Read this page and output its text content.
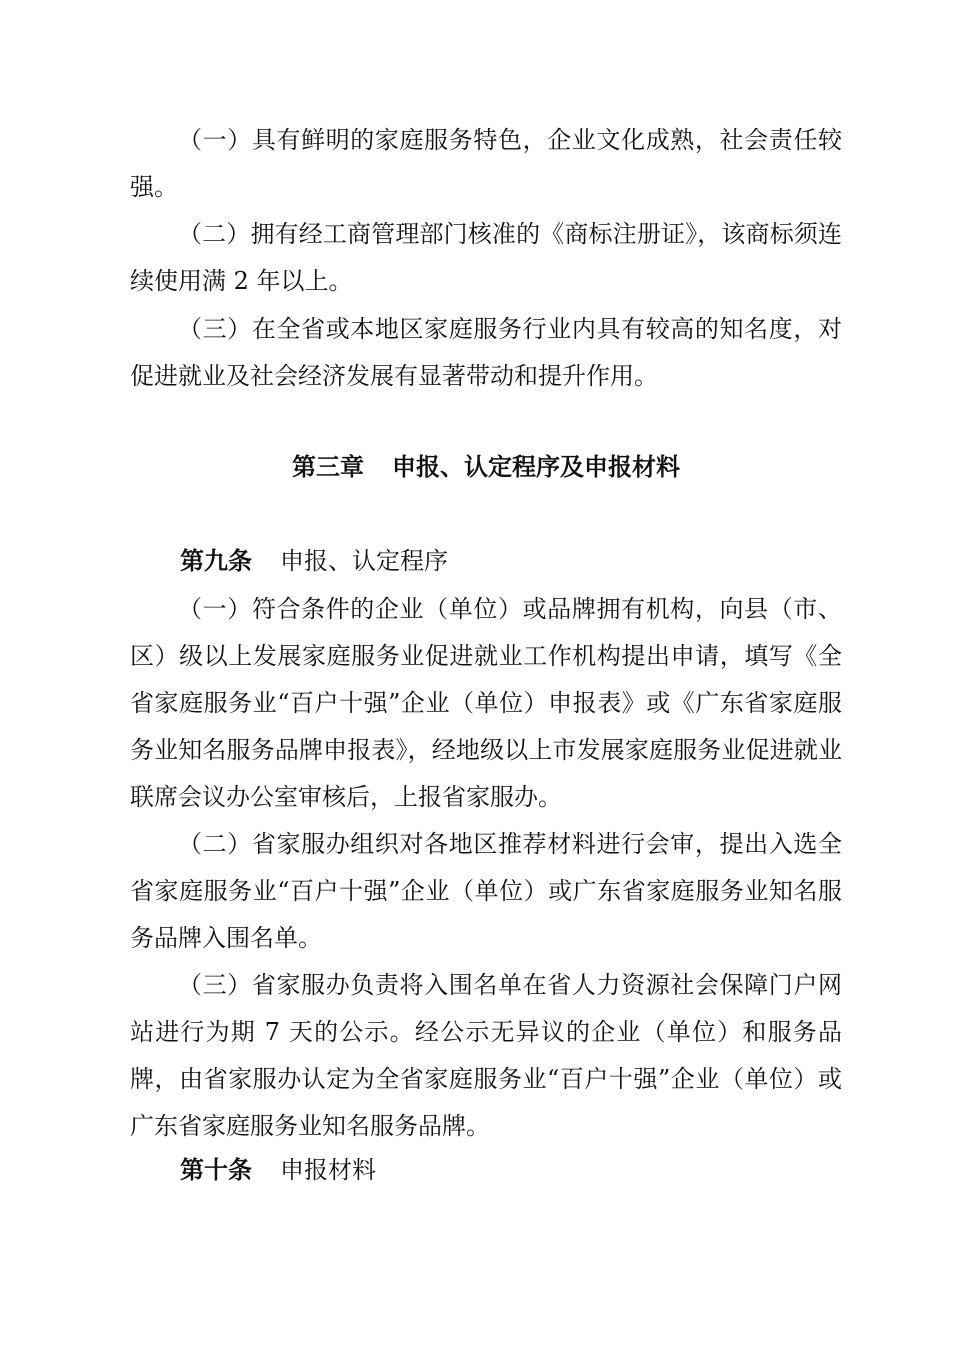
（一）具有鲜明的家庭服务特色，企业文化成熟，社会责任较强。

（二）拥有经工商管理部门核准的《商标注册证》，该商标须连续使用满 2 年以上。

（三）在全省或本地区家庭服务行业内具有较高的知名度，对促进就业及社会经济发展有显著带动和提升作用。

第三章 申报、认定程序及申报材料
第九条 申报、认定程序

（一）符合条件的企业（单位）或品牌拥有机构，向县（市、区）级以上发展家庭服务业促进就业工作机构提出申请，填写《全省家庭服务业“百户十强”企业（单位）申报表》或《广东省家庭服务业知名服务品牌申报表》，经地级以上市发展家庭服务业促进就业联席会议办公室审核后，上报省家服办。

（二）省家服办组织对各地区推荐材料进行会审，提出入选全省家庭服务业“百户十强”企业（单位）或广东省家庭服务业知名服务品牌入围名单。

（三）省家服办负责将入围名单在省人力资源社会保障门户网站进行为期 7 天的公示。经公示无异议的企业（单位）和服务品牌，由省家服办认定为全省家庭服务业“百户十强”企业（单位）或广东省家庭服务业知名服务品牌。

第十条 申报材料
